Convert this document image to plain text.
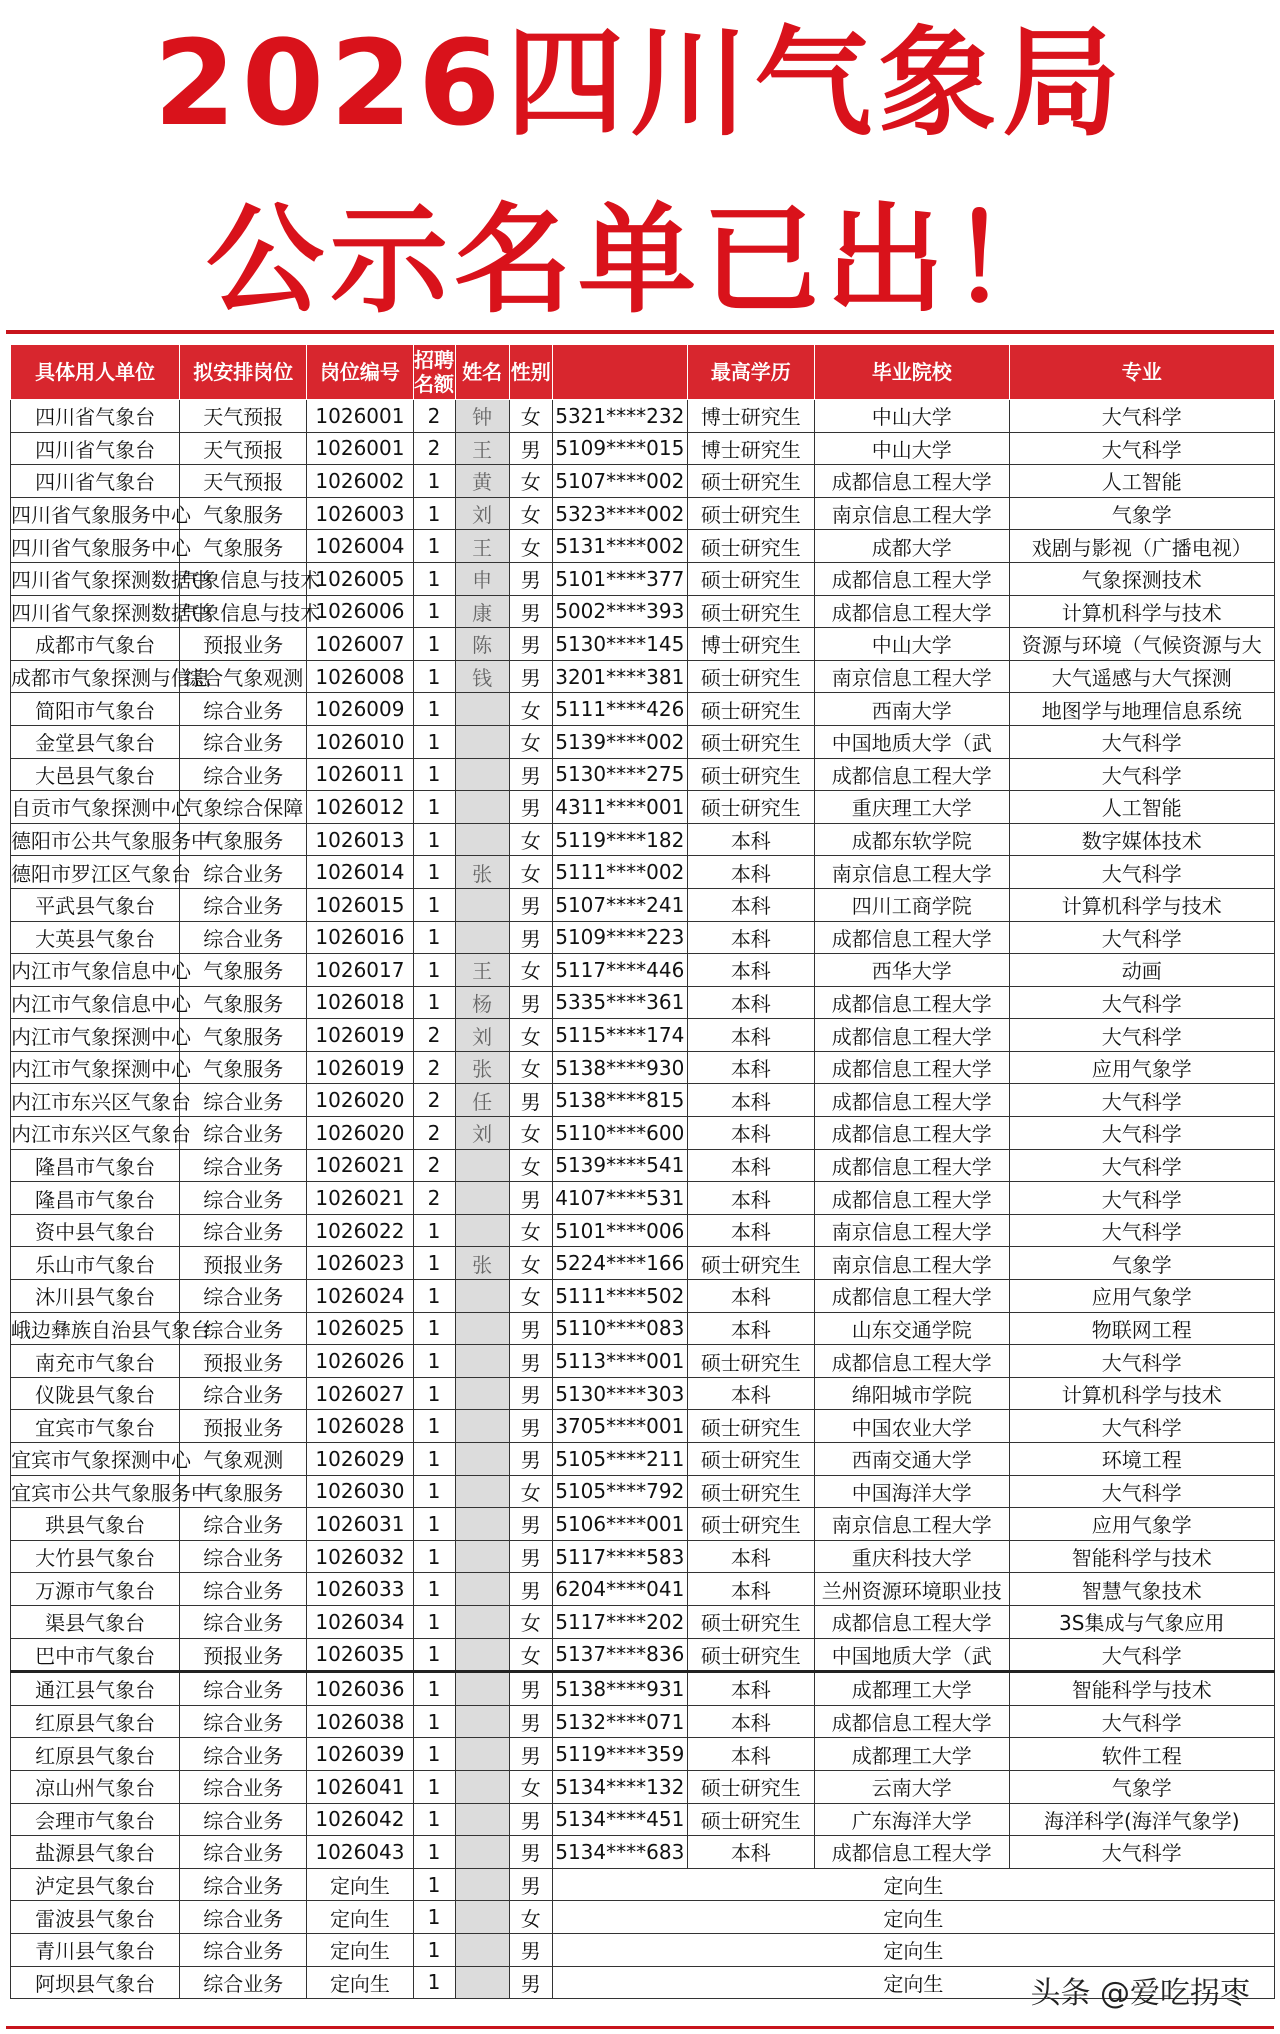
2026四川气象局
公示名单已出！
具体用人单位	拟安排岗位	岗位编号	招聘名额	姓名	性别		最高学历	毕业院校	专业
四川省气象台	天气预报	1026001	2	钟	女	5321****232	博士研究生	中山大学	大气科学
四川省气象台	天气预报	1026001	2	王	男	5109****015	博士研究生	中山大学	大气科学
四川省气象台	天气预报	1026002	1	黄	女	5107****002	硕士研究生	成都信息工程大学	人工智能
四川省气象服务中心	气象服务	1026003	1	刘	女	5323****002	硕士研究生	南京信息工程大学	气象学
四川省气象服务中心	气象服务	1026004	1	王	女	5131****002	硕士研究生	成都大学	戏剧与影视（广播电视）
四川省气象探测数据中	气象信息与技术	1026005	1	申	男	5101****377	硕士研究生	成都信息工程大学	气象探测技术
四川省气象探测数据中	气象信息与技术	1026006	1	康	男	5002****393	硕士研究生	成都信息工程大学	计算机科学与技术
成都市气象台	预报业务	1026007	1	陈	男	5130****145	博士研究生	中山大学	资源与环境（气候资源与大
成都市气象探测与信息	综合气象观测	1026008	1	钱	男	3201****381	硕士研究生	南京信息工程大学	大气遥感与大气探测
简阳市气象台	综合业务	1026009	1		女	5111****426	硕士研究生	西南大学	地图学与地理信息系统
金堂县气象台	综合业务	1026010	1		女	5139****002	硕士研究生	中国地质大学（武	大气科学
大邑县气象台	综合业务	1026011	1		男	5130****275	硕士研究生	成都信息工程大学	大气科学
自贡市气象探测中心	气象综合保障	1026012	1		男	4311****001	硕士研究生	重庆理工大学	人工智能
德阳市公共气象服务中	气象服务	1026013	1		女	5119****182	本科	成都东软学院	数字媒体技术
德阳市罗江区气象台	综合业务	1026014	1	张	女	5111****002	本科	南京信息工程大学	大气科学
平武县气象台	综合业务	1026015	1		男	5107****241	本科	四川工商学院	计算机科学与技术
大英县气象台	综合业务	1026016	1		男	5109****223	本科	成都信息工程大学	大气科学
内江市气象信息中心	气象服务	1026017	1	王	女	5117****446	本科	西华大学	动画
内江市气象信息中心	气象服务	1026018	1	杨	男	5335****361	本科	成都信息工程大学	大气科学
内江市气象探测中心	气象服务	1026019	2	刘	女	5115****174	本科	成都信息工程大学	大气科学
内江市气象探测中心	气象服务	1026019	2	张	女	5138****930	本科	成都信息工程大学	应用气象学
内江市东兴区气象台	综合业务	1026020	2	任	男	5138****815	本科	成都信息工程大学	大气科学
内江市东兴区气象台	综合业务	1026020	2	刘	女	5110****600	本科	成都信息工程大学	大气科学
隆昌市气象台	综合业务	1026021	2		女	5139****541	本科	成都信息工程大学	大气科学
隆昌市气象台	综合业务	1026021	2		男	4107****531	本科	成都信息工程大学	大气科学
资中县气象台	综合业务	1026022	1		女	5101****006	本科	南京信息工程大学	大气科学
乐山市气象台	预报业务	1026023	1	张	女	5224****166	硕士研究生	南京信息工程大学	气象学
沐川县气象台	综合业务	1026024	1		女	5111****502	本科	成都信息工程大学	应用气象学
峨边彝族自治县气象台	综合业务	1026025	1		男	5110****083	本科	山东交通学院	物联网工程
南充市气象台	预报业务	1026026	1		男	5113****001	硕士研究生	成都信息工程大学	大气科学
仪陇县气象台	综合业务	1026027	1		男	5130****303	本科	绵阳城市学院	计算机科学与技术
宜宾市气象台	预报业务	1026028	1		男	3705****001	硕士研究生	中国农业大学	大气科学
宜宾市气象探测中心	气象观测	1026029	1		男	5105****211	硕士研究生	西南交通大学	环境工程
宜宾市公共气象服务中	气象服务	1026030	1		女	5105****792	硕士研究生	中国海洋大学	大气科学
珙县气象台	综合业务	1026031	1		男	5106****001	硕士研究生	南京信息工程大学	应用气象学
大竹县气象台	综合业务	1026032	1		男	5117****583	本科	重庆科技大学	智能科学与技术
万源市气象台	综合业务	1026033	1		男	6204****041	本科	兰州资源环境职业技	智慧气象技术
渠县气象台	综合业务	1026034	1		女	5117****202	硕士研究生	成都信息工程大学	3S集成与气象应用
巴中市气象台	预报业务	1026035	1		女	5137****836	硕士研究生	中国地质大学（武	大气科学
通江县气象台	综合业务	1026036	1		男	5138****931	本科	成都理工大学	智能科学与技术
红原县气象台	综合业务	1026038	1		男	5132****071	本科	成都信息工程大学	大气科学
红原县气象台	综合业务	1026039	1		男	5119****359	本科	成都理工大学	软件工程
凉山州气象台	综合业务	1026041	1		女	5134****132	硕士研究生	云南大学	气象学
会理市气象台	综合业务	1026042	1		男	5134****451	硕士研究生	广东海洋大学	海洋科学(海洋气象学)
盐源县气象台	综合业务	1026043	1		男	5134****683	本科	成都信息工程大学	大气科学
泸定县气象台	综合业务	定向生	1		男	定向生			
雷波县气象台	综合业务	定向生	1		女	定向生			
青川县气象台	综合业务	定向生	1		男	定向生			
阿坝县气象台	综合业务	定向生	1		男	定向生				头条 @爱吃拐枣
